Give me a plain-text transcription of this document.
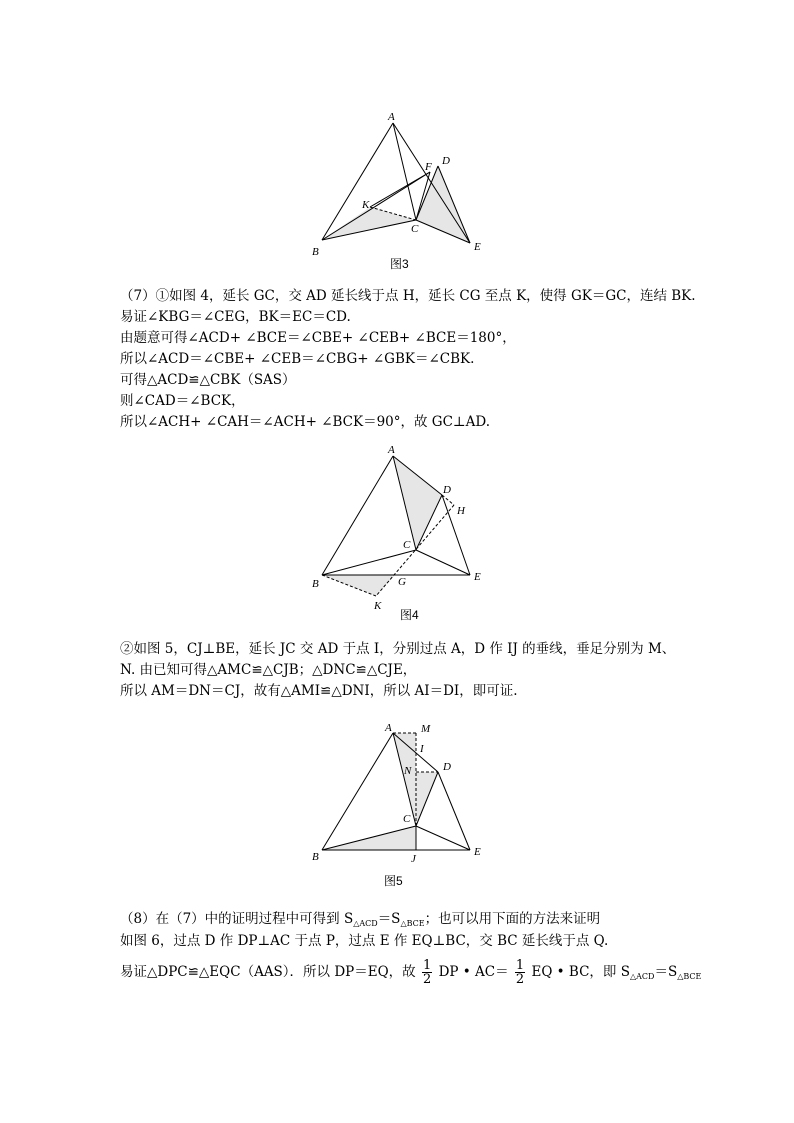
A
F D
K
C
B	E
图3
（7）①如图 4，延长 GC，交 AD 延长线于点 H，延长 CG 至点 K，使得 GK＝GC，连结 BK.
易证∠KBG＝∠CEG，BK＝EC＝CD.
由题意可得∠ACD+ ∠BCE＝∠CBE+ ∠CEB+ ∠BCE＝180°，
所以∠ACD＝∠CBE+ ∠CEB＝∠CBG+ ∠GBK＝∠CBK.
可得△ACD≌△CBK（SAS）
则∠CAD＝∠BCK，
所以∠ACH+ ∠CAH＝∠ACH+ ∠BCK＝90°，故 GC⊥AD.
A
D
H
C
B	G	E
K
图4
②如图 5，CJ⊥BE，延长 JC 交 AD 于点 I，分别过点 A，D 作 IJ 的垂线，垂足分别为 M、
N. 由已知可得△AMC≌△CJB；△DNC≌△CJE，
所以 AM＝DN＝CJ，故有△AMI≌△DNI，所以 AI＝DI，即可证.
A	M
I
N	D
C
B	J
E
图5
（8）在（7）中的证明过程中可得到 $S_{\triangle ACD}=S_{\triangle BCE}$；也可以用下面的方法来证明
如图 6，过点 D 作 DP⊥AC 于点 P，过点 E 作 EQ⊥BC，交 BC 延长线于点 Q.
易证△DPC≌△EQC（AAS）．所以 DP＝EQ，故 $\frac{1}{2}$ DP • $AC= \frac{1}{2}$ EQ • BC，即 $S_{\triangle ACD}=S_{\triangle BCE}$
